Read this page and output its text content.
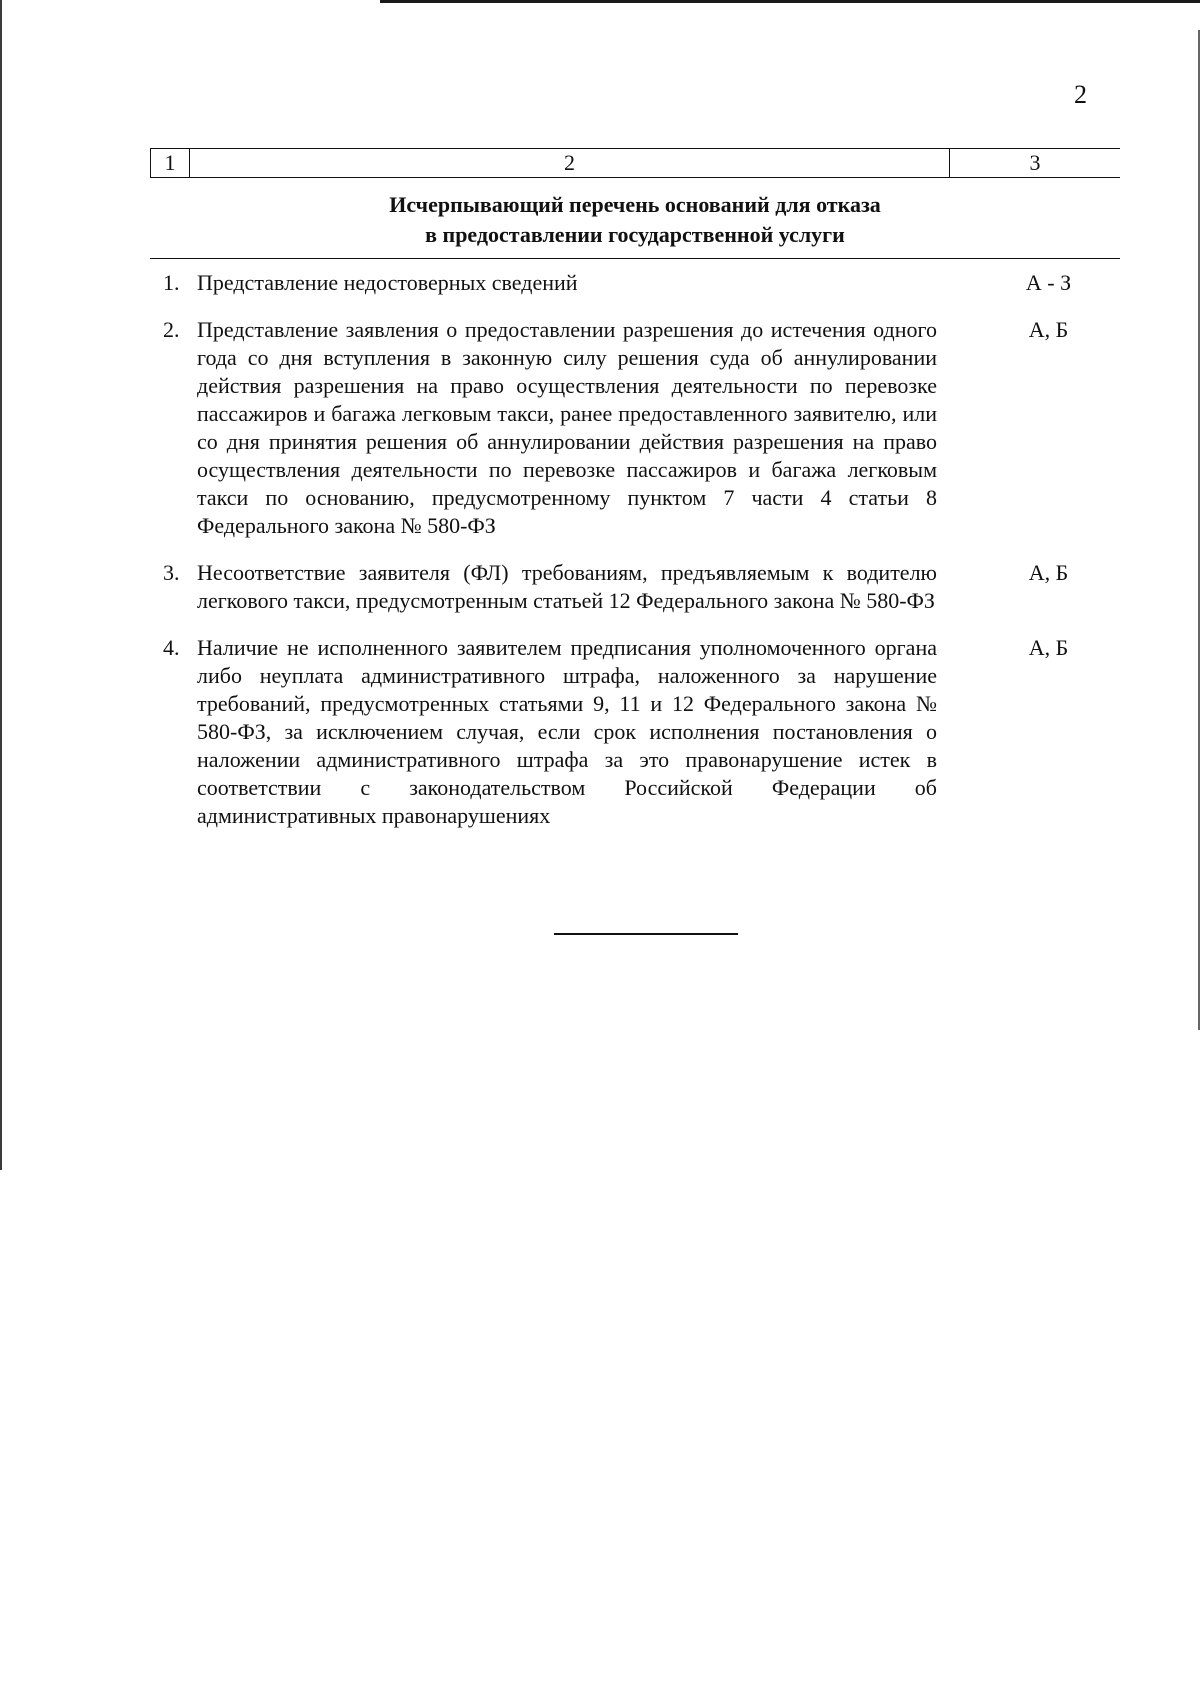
2
1	2	3
Исчерпывающий перечень оснований для отказа
в предоставлении государственной услуги
1. Представление недостоверных сведений	А - З
2. Представление заявления о предоставлении разрешения до истечения одного года со дня вступления в законную силу решения суда об аннулировании действия разрешения на право осуществления деятельности по перевозке пассажиров и багажа легковым такси, ранее предоставленного заявителю, или со дня принятия решения об аннулировании действия разрешения на право осуществления деятельности по перевозке пассажиров и багажа легковым такси по основанию, предусмотренному пунктом 7 части 4 статьи 8 Федерального закона № 580-ФЗ
А, Б
3. Несоответствие заявителя (ФЛ) требованиям, предъявляемым к водителю легкового такси, предусмотренным статьей 12 Федерального закона № 580-ФЗ
А, Б
4. Наличие не исполненного заявителем предписания уполномоченного органа либо неуплата административного штрафа, наложенного за нарушение требований, предусмотренных статьями 9, 11 и 12 Федерального закона № 580-ФЗ, за исключением случая, если срок исполнения постановления о наложении административного штрафа за это правонарушение истек в соответствии с законодательством Российской Федерации об административных правонарушениях
А, Б
